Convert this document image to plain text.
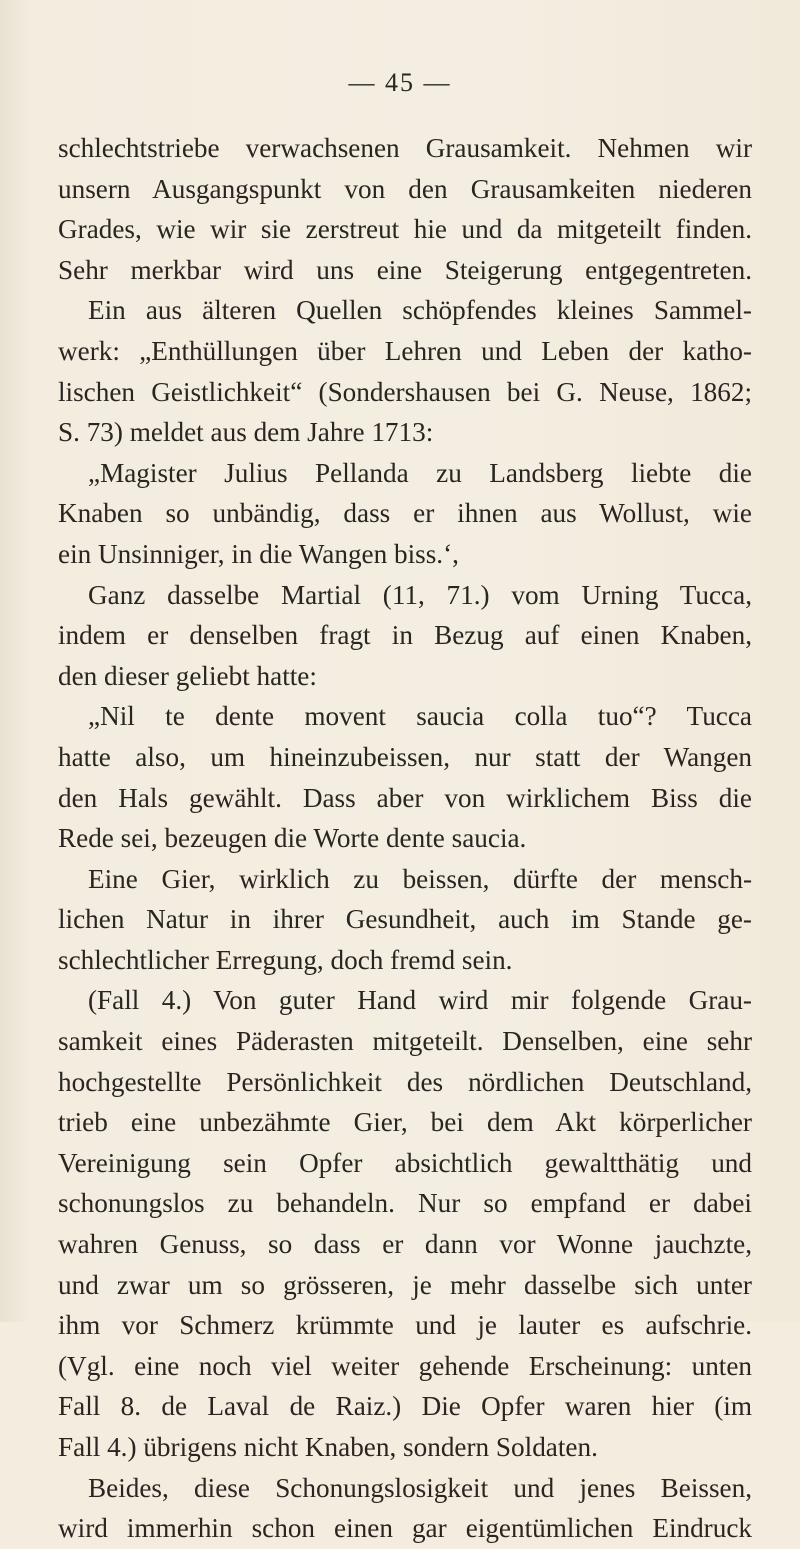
— 45 —
schlechtstriebe verwachsenen Grausamkeit. Nehmen wir
unsern Ausgangspunkt von den Grausamkeiten niederen
Grades, wie wir sie zerstreut hie und da mitgeteilt finden.
Sehr merkbar wird uns eine Steigerung entgegentreten.
Ein aus älteren Quellen schöpfendes kleines Sammel-
werk: „Enthüllungen über Lehren und Leben der katho-
lischen Geistlichkeit“ (Sondershausen bei G. Neuse, 1862;
S. 73) meldet aus dem Jahre 1713:
„Magister Julius Pellanda zu Landsberg liebte die
Knaben so unbändig, dass er ihnen aus Wollust, wie
ein Unsinniger, in die Wangen biss.‘,
Ganz dasselbe Martial (11, 71.) vom Urning Tucca,
indem er denselben fragt in Bezug auf einen Knaben,
den dieser geliebt hatte:
„Nil te dente movent saucia colla tuo“? Tucca
hatte also, um hineinzubeissen, nur statt der Wangen
den Hals gewählt. Dass aber von wirklichem Biss die
Rede sei, bezeugen die Worte dente saucia.
Eine Gier, wirklich zu beissen, dürfte der mensch-
lichen Natur in ihrer Gesundheit, auch im Stande ge-
schlechtlicher Erregung, doch fremd sein.
(Fall 4.) Von guter Hand wird mir folgende Grau-
samkeit eines Päderasten mitgeteilt. Denselben, eine sehr
hochgestellte Persönlichkeit des nördlichen Deutschland,
trieb eine unbezähmte Gier, bei dem Akt körperlicher
Vereinigung sein Opfer absichtlich gewaltthätig und
schonungslos zu behandeln. Nur so empfand er dabei
wahren Genuss, so dass er dann vor Wonne jauchzte,
und zwar um so grösseren, je mehr dasselbe sich unter
ihm vor Schmerz krümmte und je lauter es aufschrie.
(Vgl. eine noch viel weiter gehende Erscheinung: unten
Fall 8. de Laval de Raiz.) Die Opfer waren hier (im
Fall 4.) übrigens nicht Knaben, sondern Soldaten.
Beides, diese Schonungslosigkeit und jenes Beissen,
wird immerhin schon einen gar eigentümlichen Eindruck
